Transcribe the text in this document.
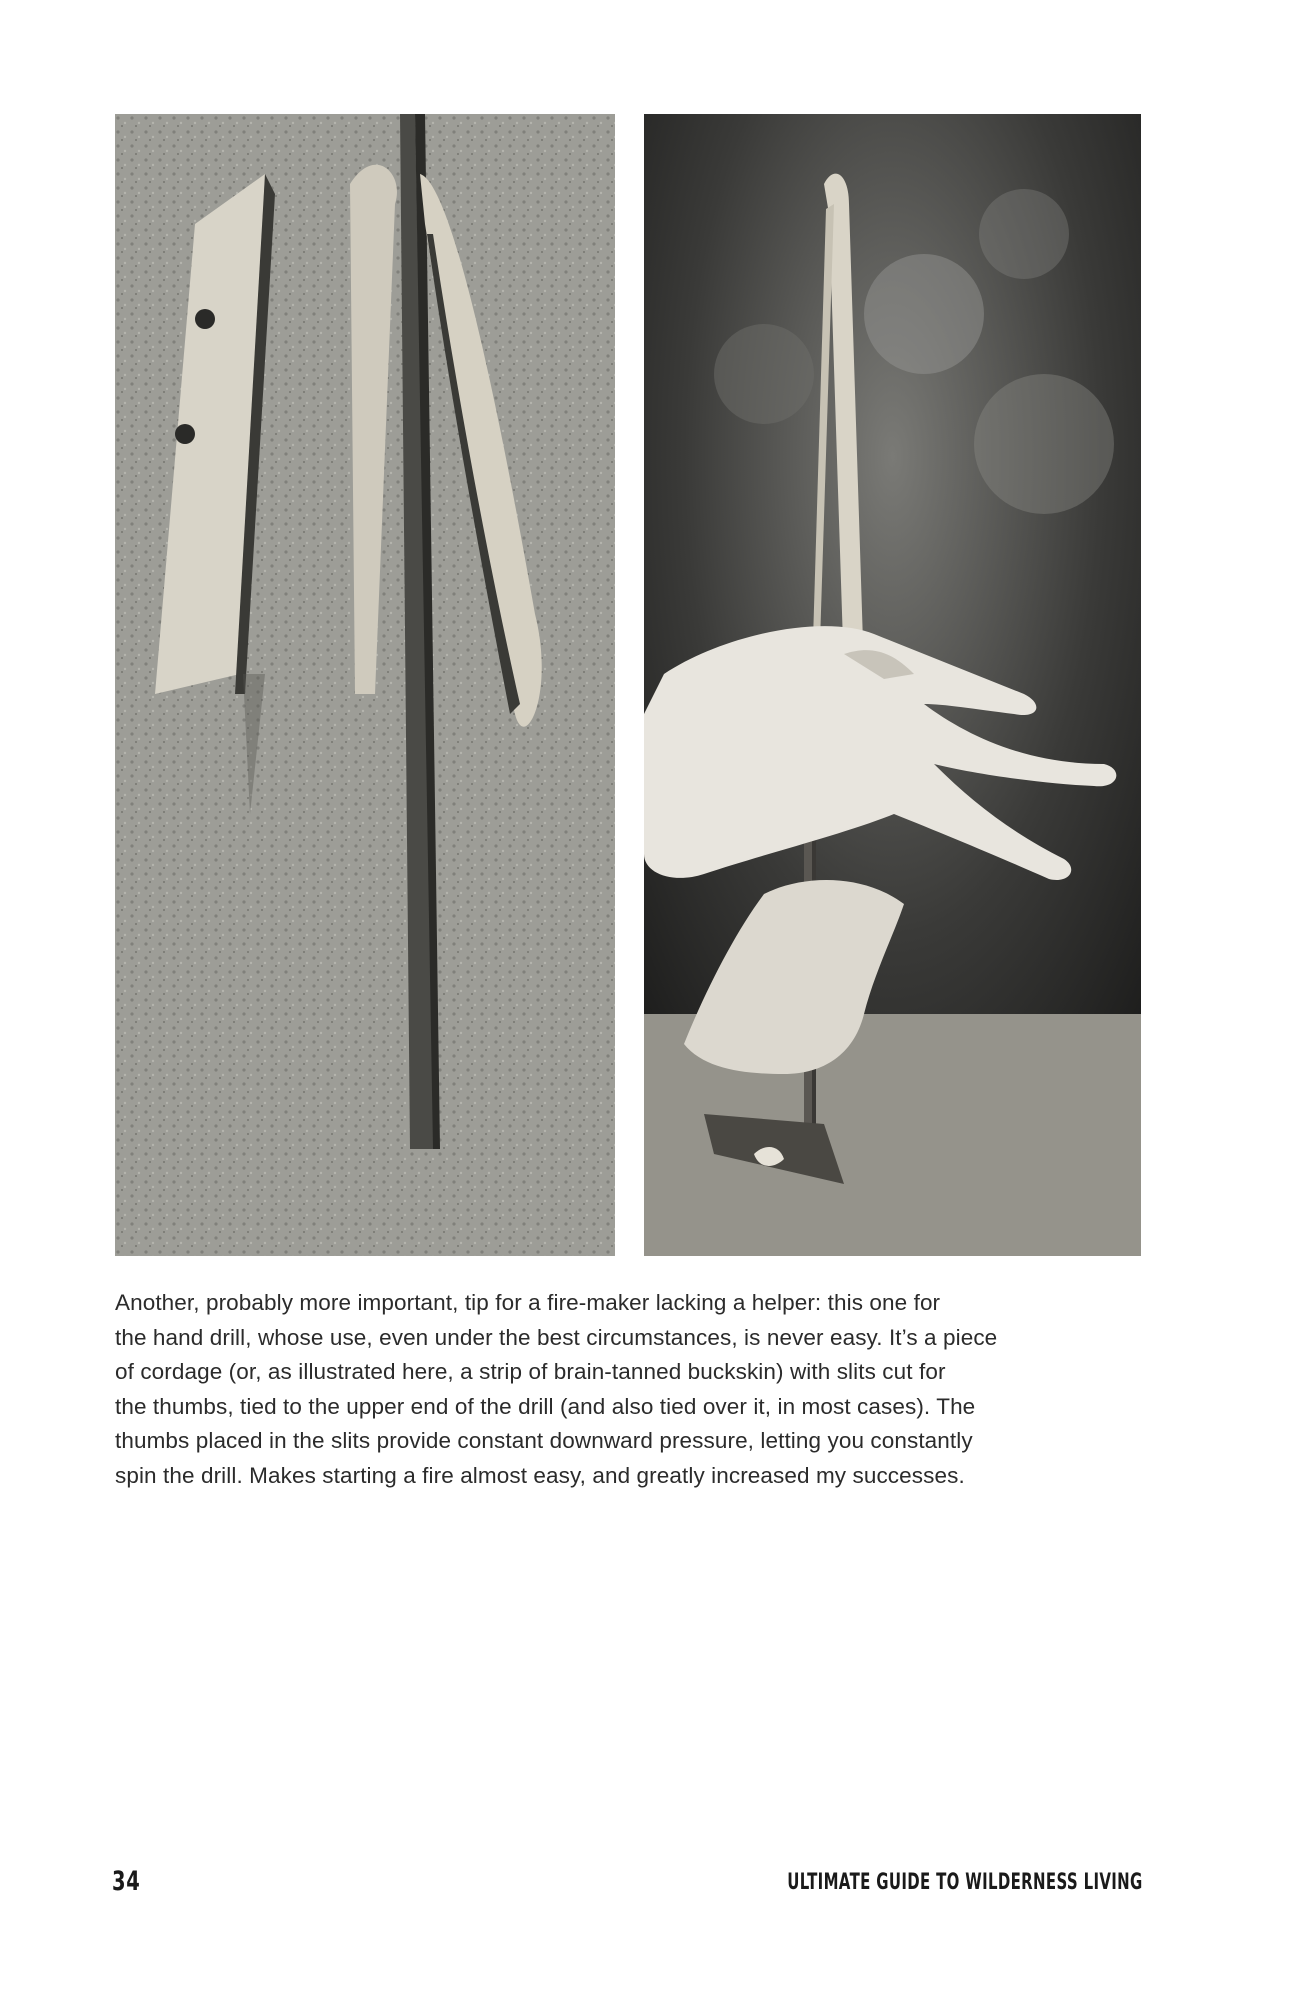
Another, probably more important, tip for a fire-maker lacking a helper: this one for
the hand drill, whose use, even under the best circumstances, is never easy. It’s a piece
of cordage (or, as illustrated here, a strip of brain-tanned buckskin) with slits cut for
the thumbs, tied to the upper end of the drill (and also tied over it, in most cases). The
thumbs placed in the slits provide constant downward pressure, letting you constantly
spin the drill. Makes starting a fire almost easy, and greatly increased my successes.

34	ULTIMATE GUIDE TO WILDERNESS LIVING
